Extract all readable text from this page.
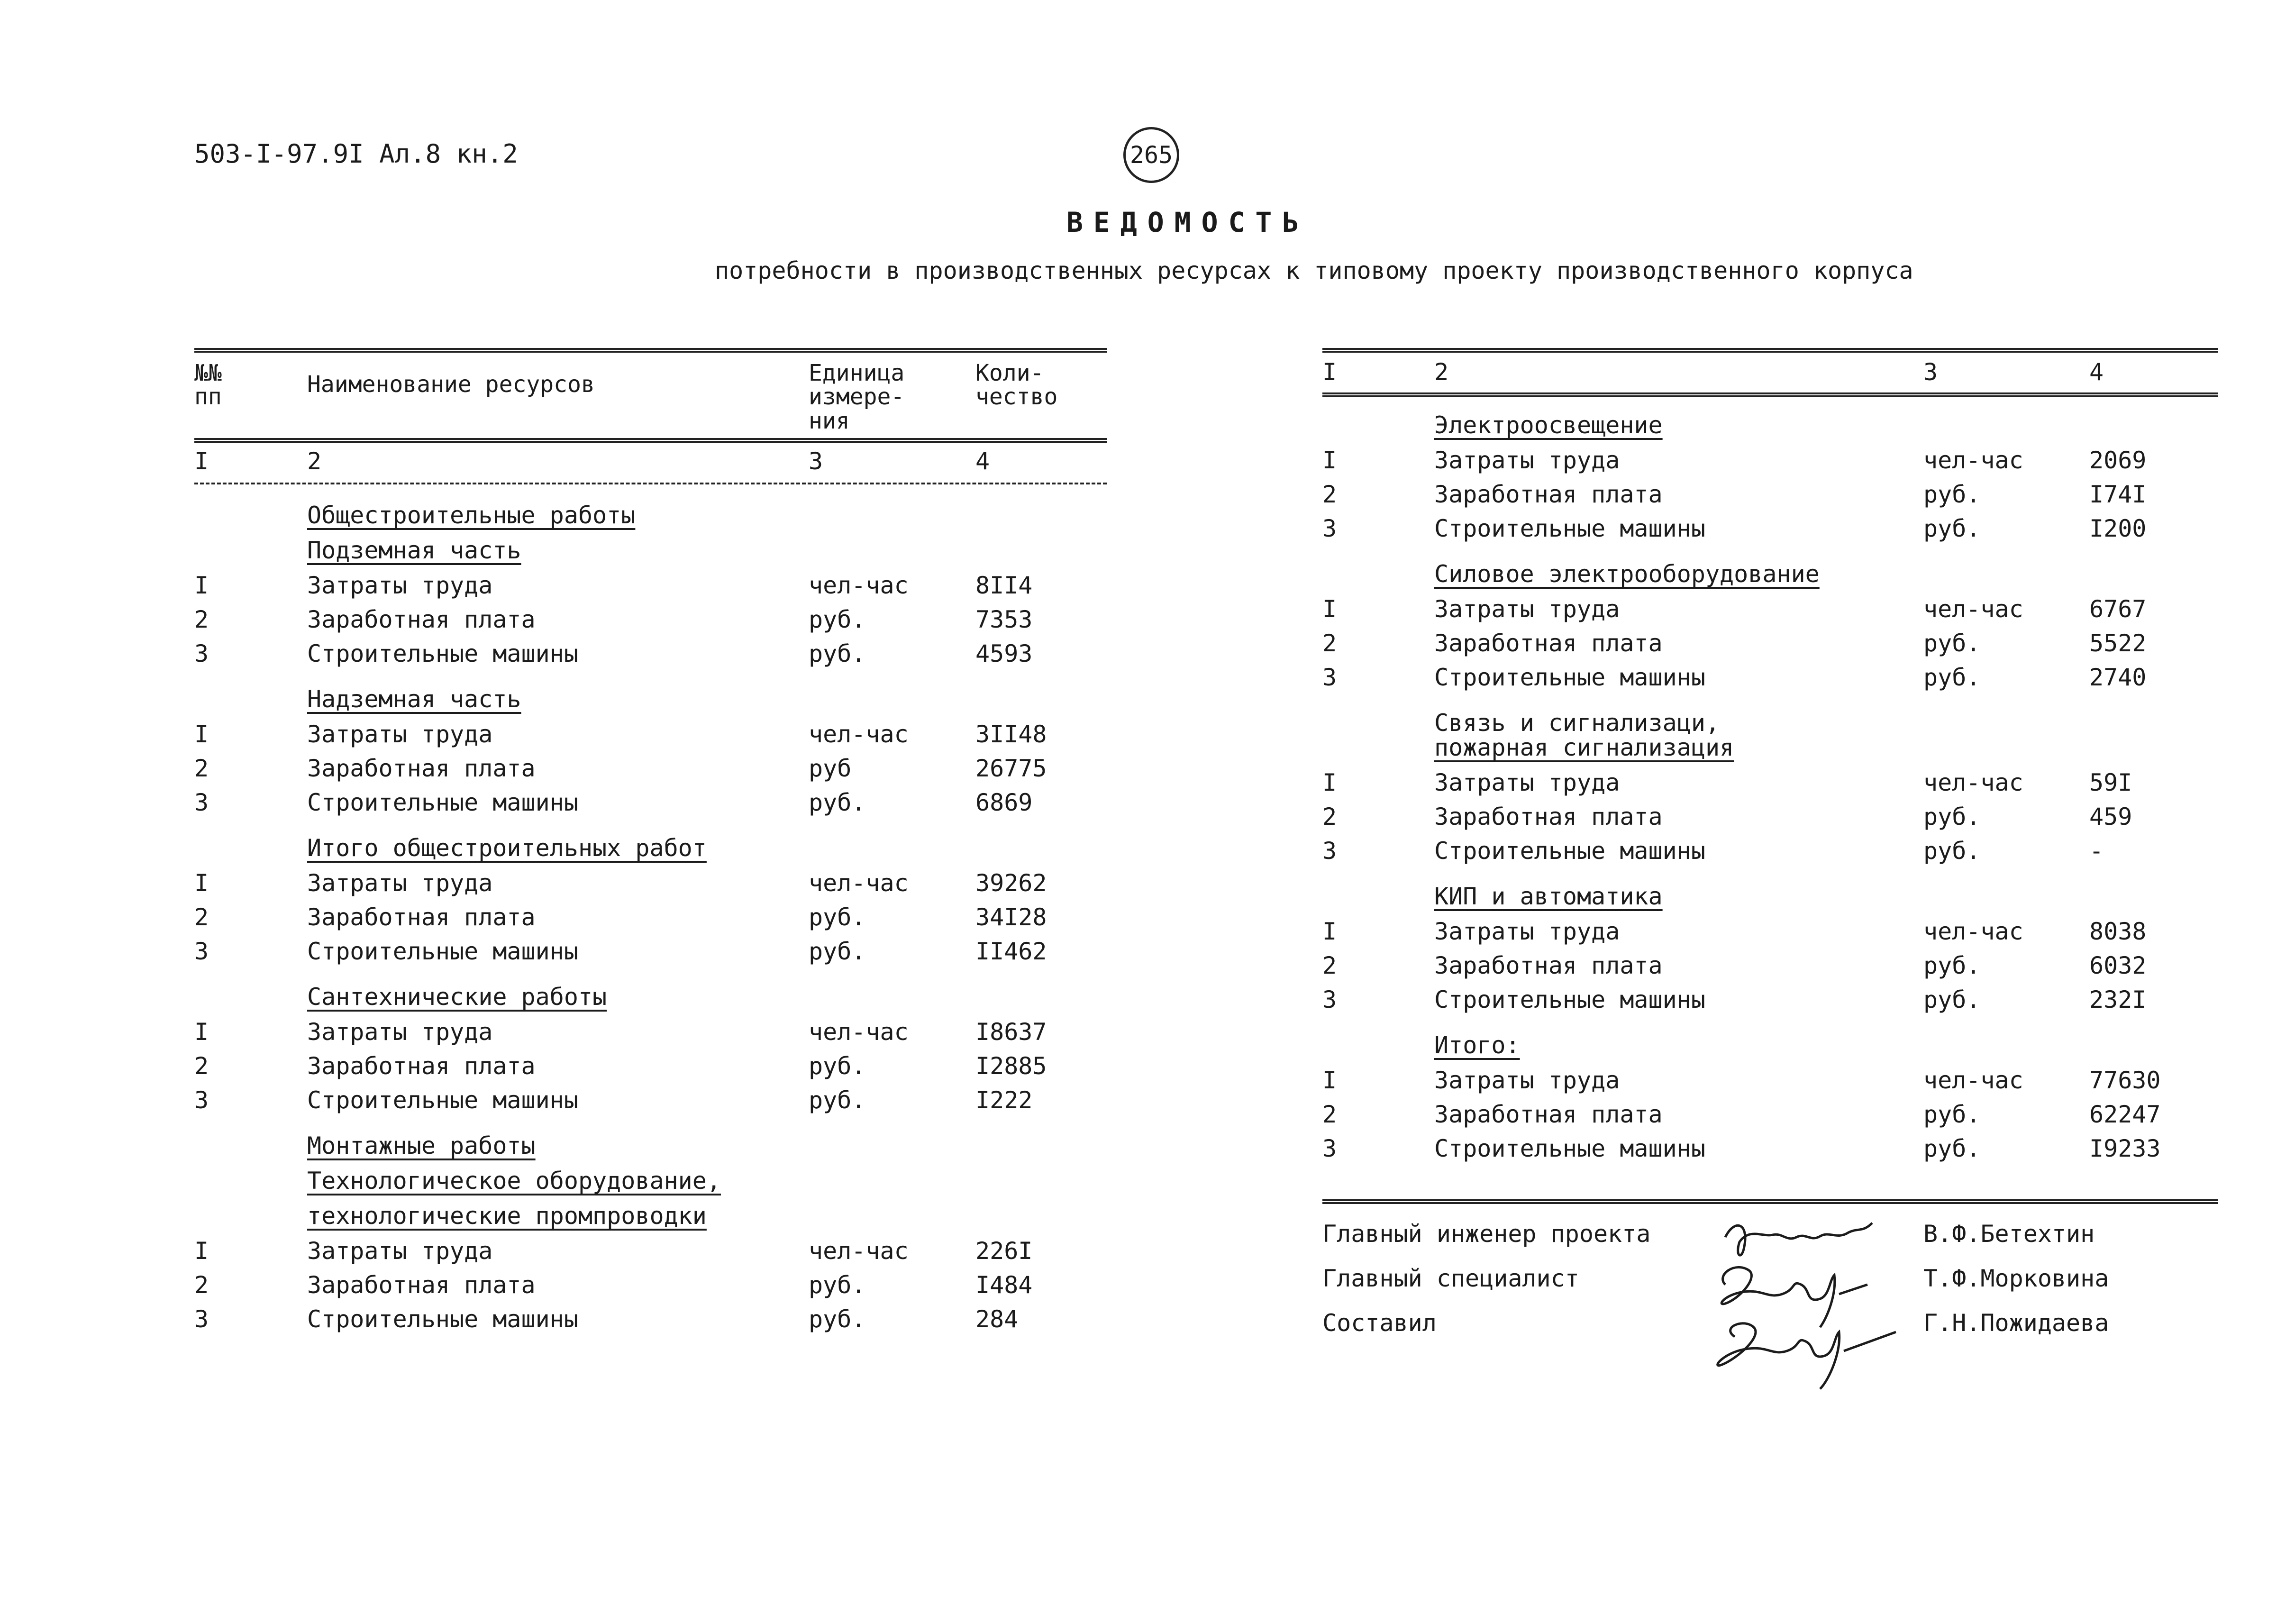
503-I-97.9I Ал.8 кн.2	265
ВЕДОМОСТЬ
потребности в производственных ресурсах к типовому проекту производственного корпуса
№№
пп	Наименование ресурсов	Единица
измере-
ния
Коли-
чество
I	2	3	4
Общестроительные работы
Подземная часть
I	Затраты труда	чел-час	8II4
2	Заработная плата	руб.	7353
3	Строительные машины	руб.	4593
Надземная часть
I	Затраты труда	чел-час	3II48
2	Заработная плата	руб	26775
3	Строительные машины	руб.	6869
Итого общестроительных работ
I	Затраты труда	чел-час	39262
2	Заработная плата	руб.	34I28
3	Строительные машины	руб.	II462
Сантехнические работы
I	Затраты труда	чел-час	I8637
2	Заработная плата	руб.	I2885
3	Строительные машины	руб.	I222
Монтажные работы
Технологическое оборудование,
технологические промпроводки
I	Затраты труда	чел-час	226I
2	Заработная плата	руб.	I484
3	Строительные машины	руб.	284
I	2	3	4
Электроосвещение
I	Затраты труда	чел-час	2069
2	Заработная плата	руб.	I74I
3	Строительные машины	руб.	I200
Силовое электрооборудование
I	Затраты труда	чел-час	6767
2	Заработная плата	руб.	5522
3	Строительные машины	руб.	2740
Связь и сигнализаци,
пожарная сигнализация
I	Затраты труда	чел-час	59I
2	Заработная плата	руб.	459
3	Строительные машины	руб.	-
КИП и автоматика
I	Затраты труда	чел-час	8038
2	Заработная плата	руб.	6032
3	Строительные машины	руб.	232I
Итого:
I	Затраты труда	чел-час	77630
2	Заработная плата	руб.	62247
3	Строительные машины	руб.	I9233
Главный инженер проекта	В.Ф.Бетехтин
Главный специалист	Т.Ф.Морковина
Составил	Г.Н.Пожидаева
